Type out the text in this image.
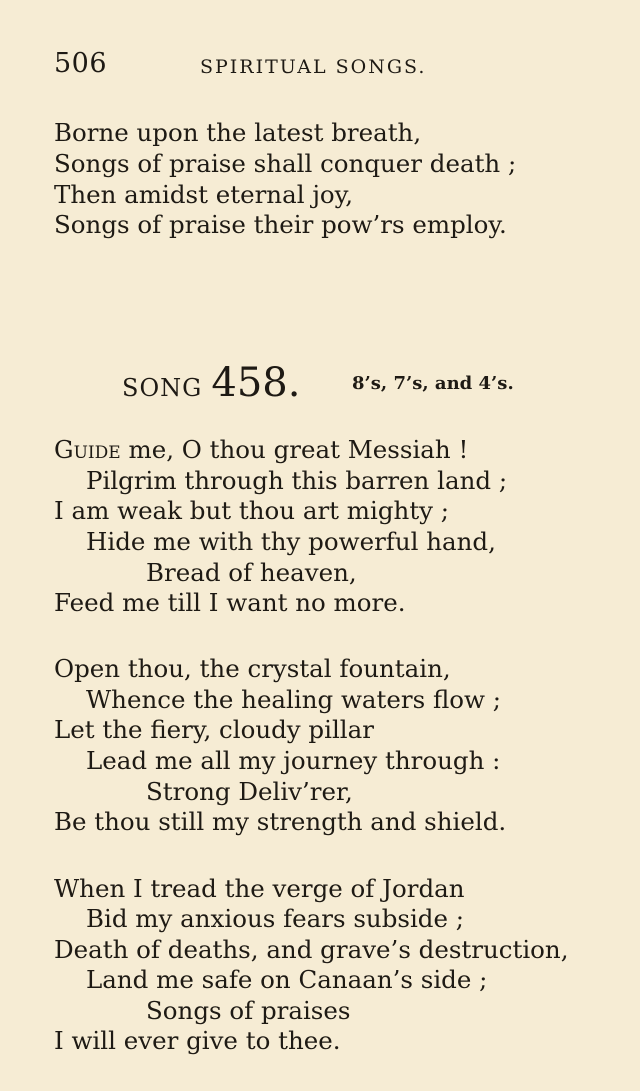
506	SPIRITUAL SONGS.
Borne upon the latest breath,
Songs of praise shall conquer death ;
Then amidst eternal joy,
Songs of praise their pow’rs employ.
SONG 458.	8’s, 7’s, and 4’s.
Guide me, O thou great Messiah !
Pilgrim through this barren land ;
I am weak but thou art mighty ;
Hide me with thy powerful hand,
Bread of heaven,
Feed me till I want no more.
Open thou, the crystal fountain,
Whence the healing waters flow ;
Let the fiery, cloudy pillar
Lead me all my journey through :
Strong Deliv’rer,
Be thou still my strength and shield.
When I tread the verge of Jordan
Bid my anxious fears subside ;
Death of deaths, and grave’s destruction,
Land me safe on Canaan’s side ;
Songs of praises
I will ever give to thee.
